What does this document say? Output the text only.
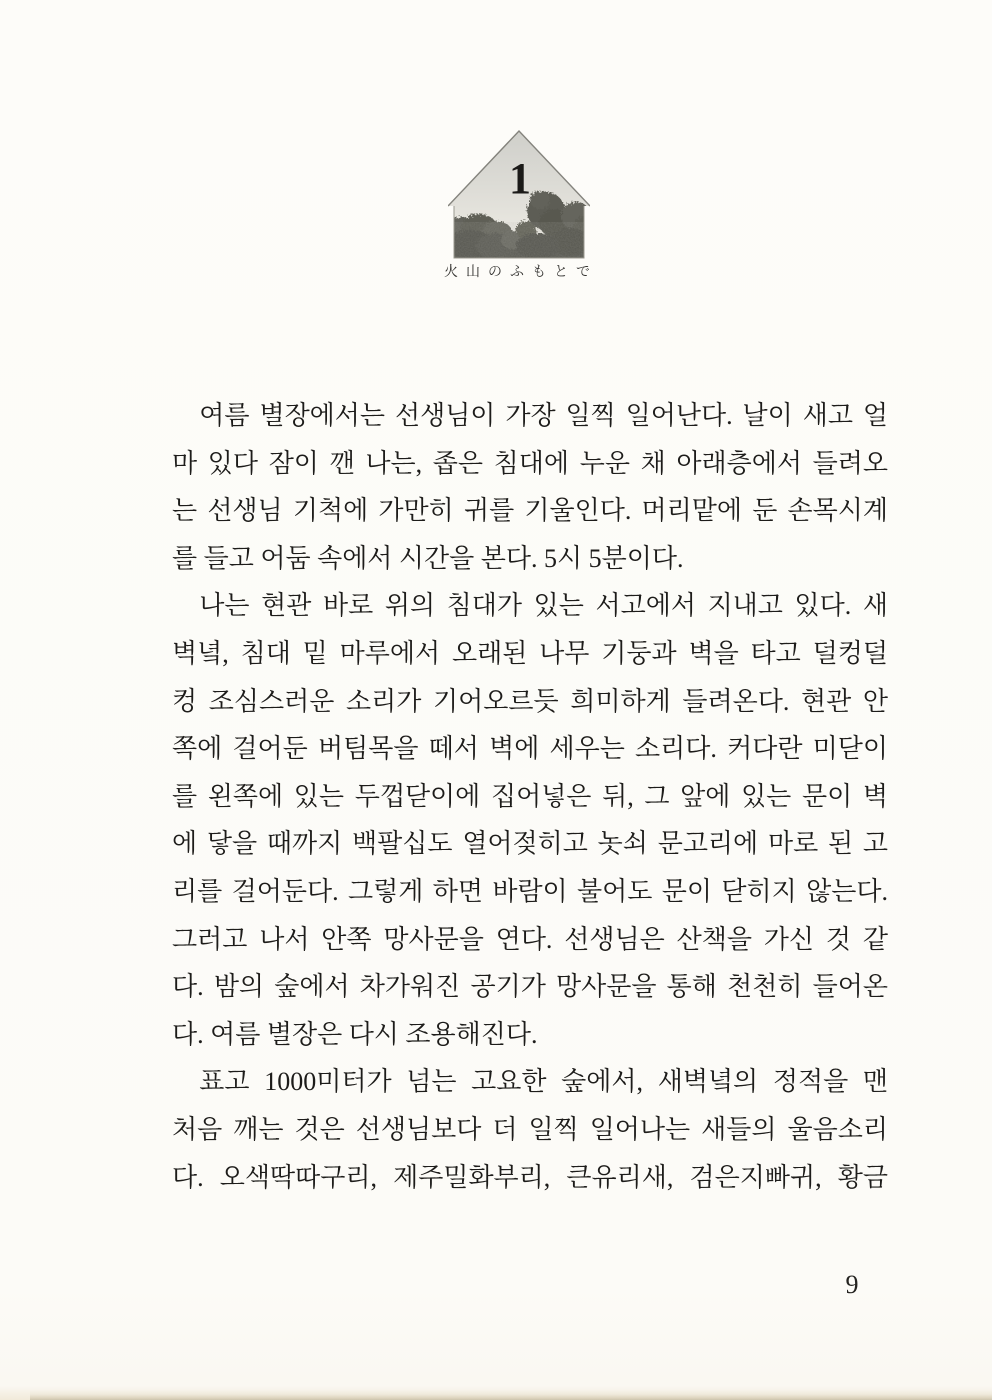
1
火山のふもとで
여름 별장에서는 선생님이 가장 일찍 일어난다. 날이 새고 얼
마 있다 잠이 깬 나는, 좁은 침대에 누운 채 아래층에서 들려오
는 선생님 기척에 가만히 귀를 기울인다. 머리맡에 둔 손목시계
를 들고 어둠 속에서 시간을 본다. 5시 5분이다.
나는 현관 바로 위의 침대가 있는 서고에서 지내고 있다. 새
벽녘, 침대 밑 마루에서 오래된 나무 기둥과 벽을 타고 덜컹덜
컹 조심스러운 소리가 기어오르듯 희미하게 들려온다. 현관 안
쪽에 걸어둔 버팀목을 떼서 벽에 세우는 소리다. 커다란 미닫이
를 왼쪽에 있는 두껍닫이에 집어넣은 뒤, 그 앞에 있는 문이 벽
에 닿을 때까지 백팔십도 열어젖히고 놋쇠 문고리에 마로 된 고
리를 걸어둔다. 그렇게 하면 바람이 불어도 문이 닫히지 않는다.
그러고 나서 안쪽 망사문을 연다. 선생님은 산책을 가신 것 같
다. 밤의 숲에서 차가워진 공기가 망사문을 통해 천천히 들어온
다. 여름 별장은 다시 조용해진다.
표고 1000미터가 넘는 고요한 숲에서, 새벽녘의 정적을 맨
처음 깨는 것은 선생님보다 더 일찍 일어나는 새들의 울음소리
다. 오색딱따구리, 제주밀화부리, 큰유리새, 검은지빠귀, 황금
9
